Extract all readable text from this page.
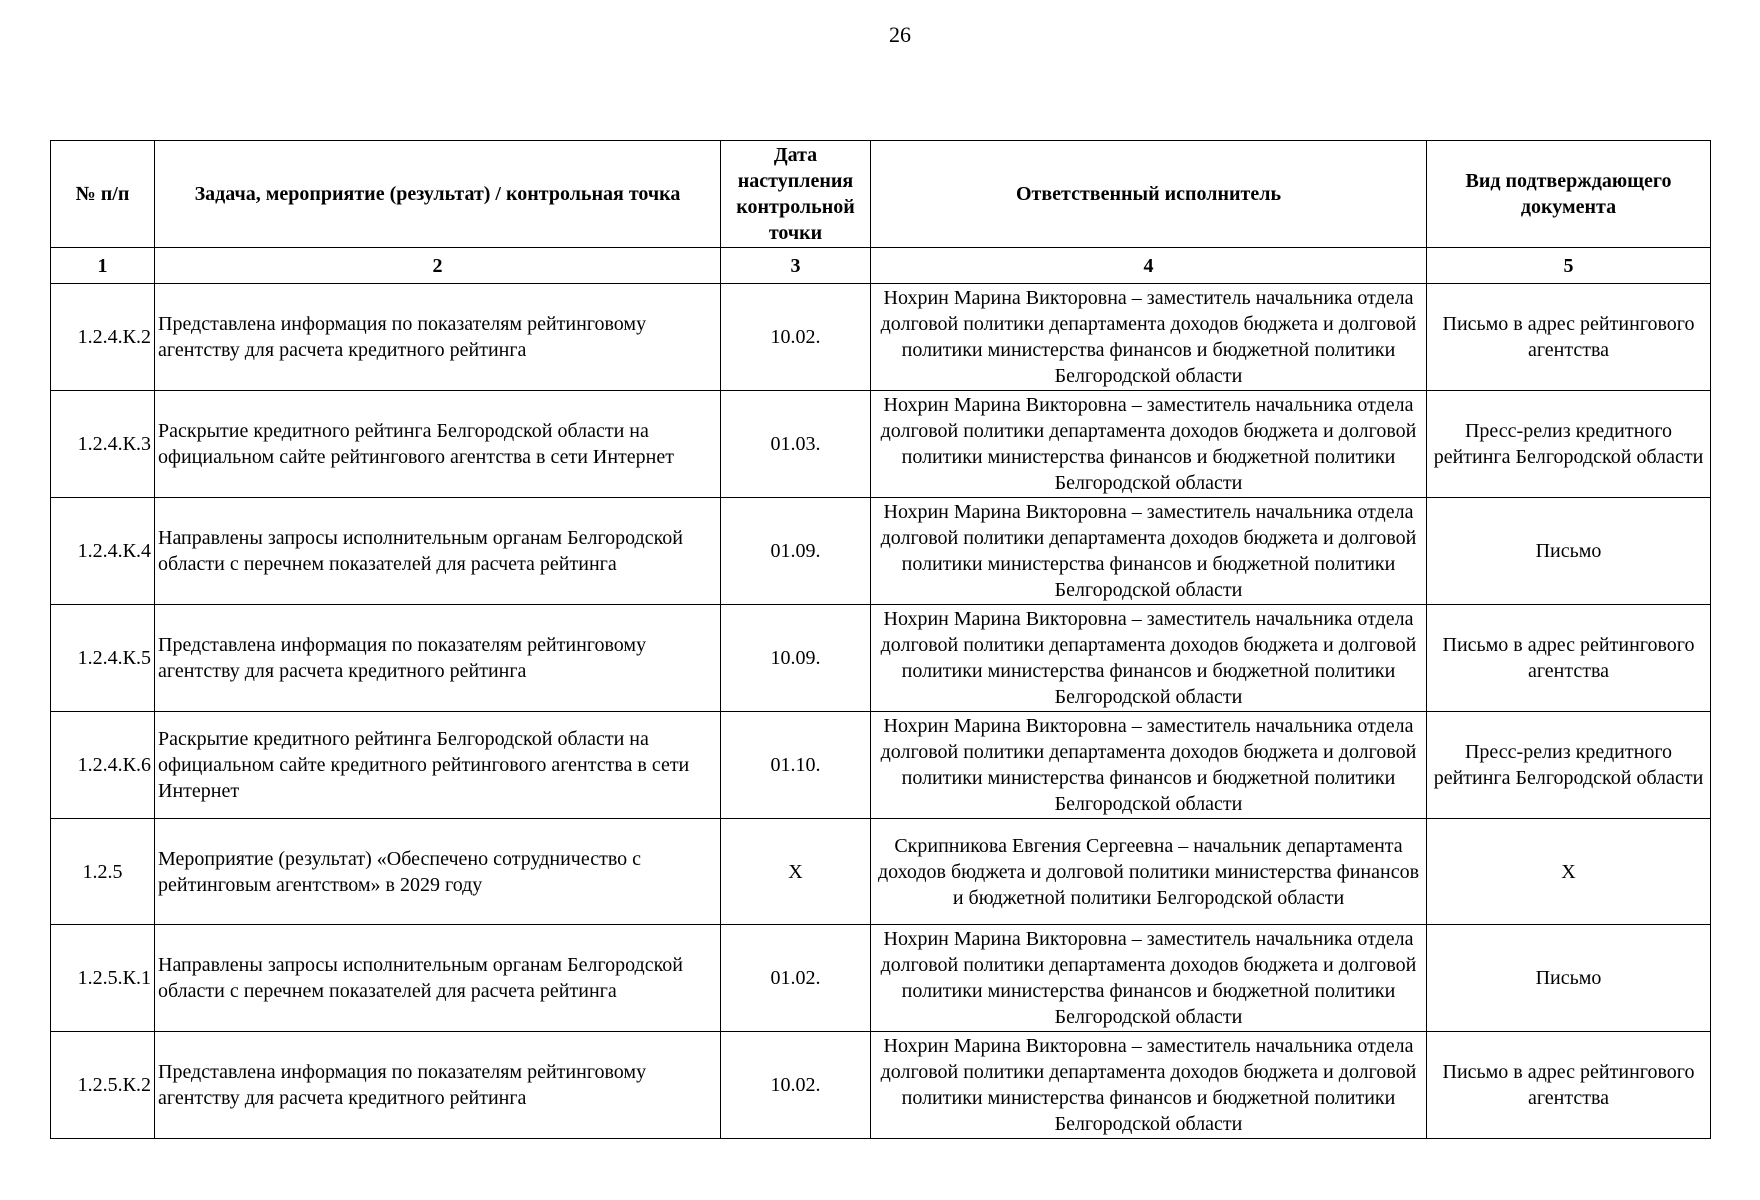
26
№ п/п	Задача, мероприятие (результат) / контрольная точка	Дата наступления контрольной точки	Ответственный исполнитель	Вид подтверждающего документа
1	2	3	4	5
1.2.4.К.2	Представлена информация по показателям рейтинговому агентству для расчета кредитного рейтинга	10.02.	Нохрин Марина Викторовна – заместитель начальника отдела долговой политики департамента доходов бюджета и долговой политики министерства финансов и бюджетной политики Белгородской области	Письмо в адрес рейтингового агентства
1.2.4.К.3	Раскрытие кредитного рейтинга Белгородской области на официальном сайте рейтингового агентства в сети Интернет	01.03.	Нохрин Марина Викторовна – заместитель начальника отдела долговой политики департамента доходов бюджета и долговой политики министерства финансов и бюджетной политики Белгородской области	Пресс-релиз кредитного рейтинга Белгородской области
1.2.4.К.4	Направлены запросы исполнительным органам Белгородской области с перечнем показателей для расчета рейтинга	01.09.	Нохрин Марина Викторовна – заместитель начальника отдела долговой политики департамента доходов бюджета и долговой политики министерства финансов и бюджетной политики Белгородской области	Письмо
1.2.4.К.5	Представлена информация по показателям рейтинговому агентству для расчета кредитного рейтинга	10.09.	Нохрин Марина Викторовна – заместитель начальника отдела долговой политики департамента доходов бюджета и долговой политики министерства финансов и бюджетной политики Белгородской области	Письмо в адрес рейтингового агентства
1.2.4.К.6	Раскрытие кредитного рейтинга Белгородской области на официальном сайте кредитного рейтингового агентства в сети Интернет	01.10.	Нохрин Марина Викторовна – заместитель начальника отдела долговой политики департамента доходов бюджета и долговой политики министерства финансов и бюджетной политики Белгородской области	Пресс-релиз кредитного рейтинга Белгородской области
1.2.5	Мероприятие (результат) «Обеспечено сотрудничество с рейтинговым агентством» в 2029 году	X	Скрипникова Евгения Сергеевна – начальник департамента доходов бюджета и долговой политики министерства финансов и бюджетной политики Белгородской области	X
1.2.5.К.1	Направлены запросы исполнительным органам Белгородской области с перечнем показателей для расчета рейтинга	01.02.	Нохрин Марина Викторовна – заместитель начальника отдела долговой политики департамента доходов бюджета и долговой политики министерства финансов и бюджетной политики Белгородской области	Письмо
1.2.5.К.2	Представлена информация по показателям рейтинговому агентству для расчета кредитного рейтинга	10.02.	Нохрин Марина Викторовна – заместитель начальника отдела долговой политики департамента доходов бюджета и долговой политики министерства финансов и бюджетной политики Белгородской области	Письмо в адрес рейтингового агентства
